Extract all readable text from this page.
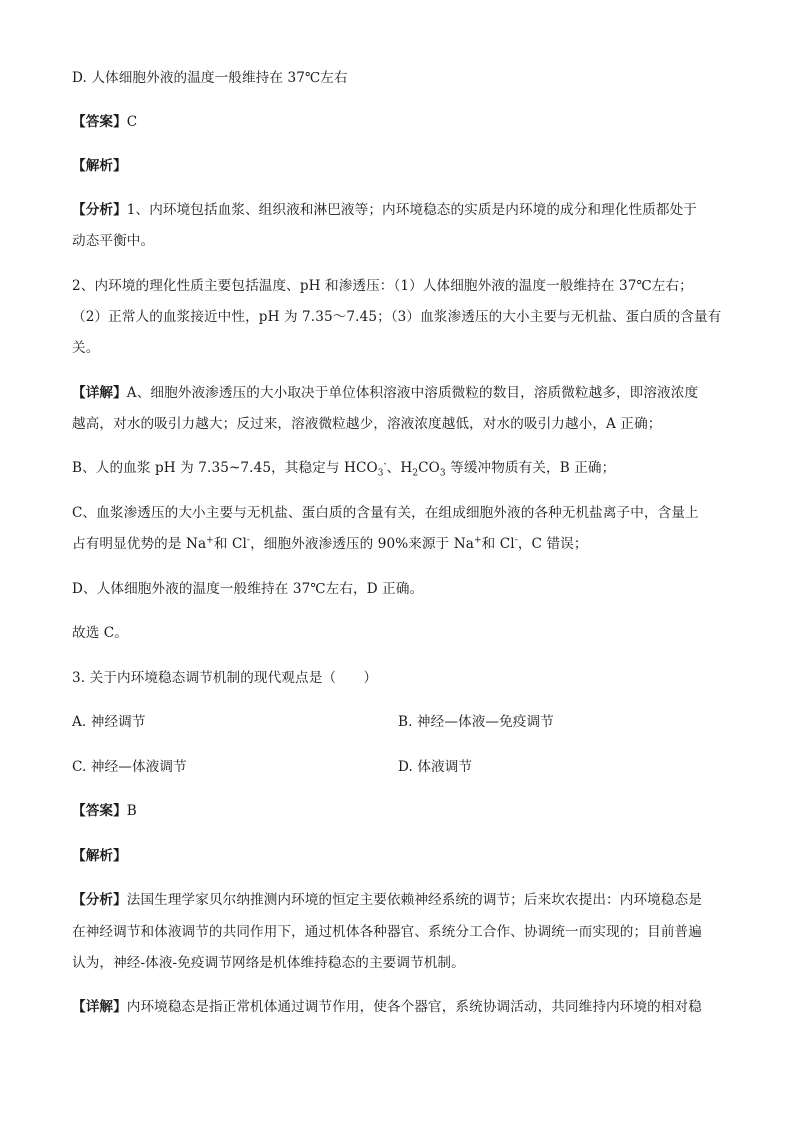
D. 人体细胞外液的温度一般维持在 37℃左右
【答案】C
【解析】
【分析】1、内环境包括血浆、组织液和淋巴液等；内环境稳态的实质是内环境的成分和理化性质都处于
动态平衡中。
2、内环境的理化性质主要包括温度、pH 和渗透压：（1）人体细胞外液的温度一般维持在 37℃左右；
（2）正常人的血浆接近中性，pH 为 7.35～7.45；（3）血浆渗透压的大小主要与无机盐、蛋白质的含量有
关。
【详解】A、细胞外液渗透压的大小取决于单位体积溶液中溶质微粒的数目，溶质微粒越多，即溶液浓度
越高，对水的吸引力越大；反过来，溶液微粒越少，溶液浓度越低，对水的吸引力越小，A 正确；
B、人的血浆 pH 为 7.35~7.45，其稳定与 $HCO_3^-$、$H_2CO_3$ 等缓冲物质有关，B 正确；
C、血浆渗透压的大小主要与无机盐、蛋白质的含量有关，在组成细胞外液的各种无机盐离子中，含量上
占有明显优势的是 Na+和 Cl-，细胞外液渗透压的 90%来源于 Na+和 Cl-，C 错误；
D、人体细胞外液的温度一般维持在 37℃左右，D 正确。
故选 C。
3. 关于内环境稳态调节机制的现代观点是（　　）
A. 神经调节	B. 神经—体液—免疫调节
C. 神经—体液调节	D. 体液调节
【答案】B
【解析】
【分析】法国生理学家贝尔纳推测内环境的恒定主要依赖神经系统的调节；后来坎农提出：内环境稳态是
在神经调节和体液调节的共同作用下，通过机体各种器官、系统分工合作、协调统一而实现的；目前普遍
认为，神经-体液-免疫调节网络是机体维持稳态的主要调节机制。
【详解】内环境稳态是指正常机体通过调节作用，使各个器官，系统协调活动，共同维持内环境的相对稳
